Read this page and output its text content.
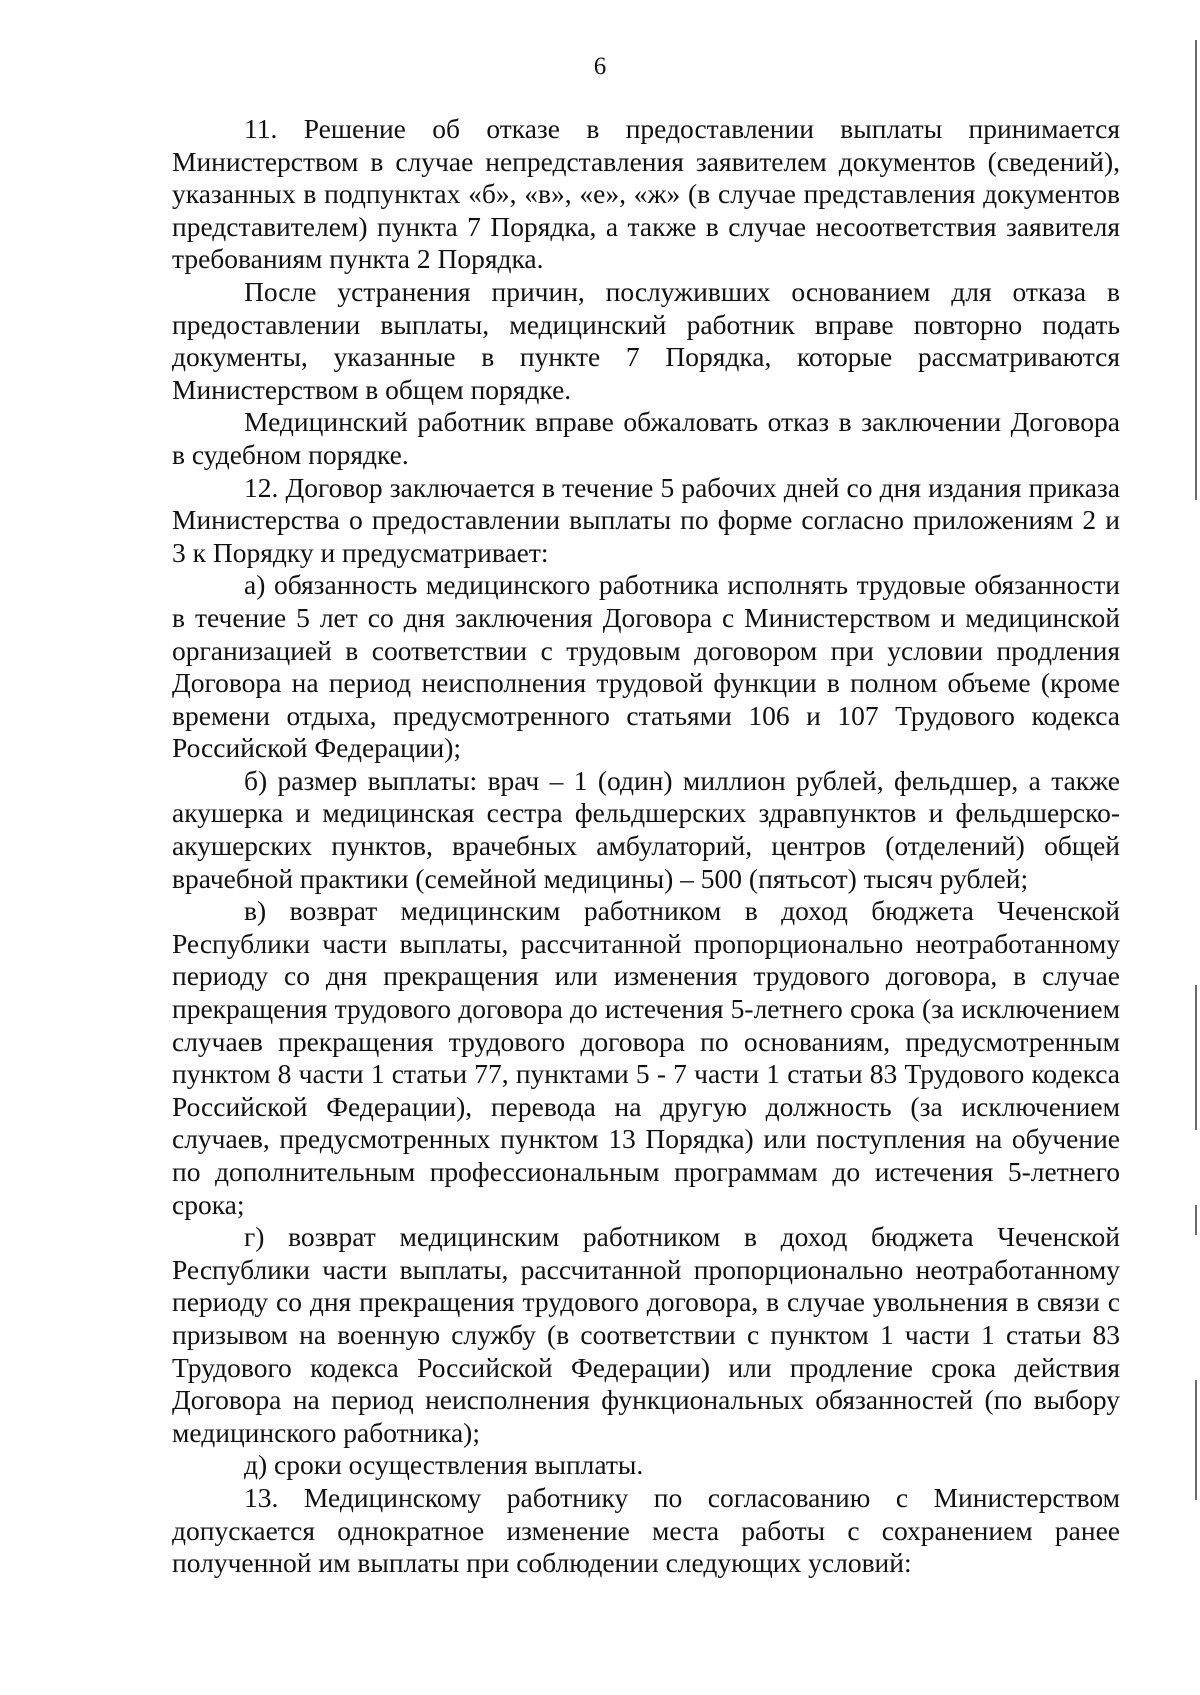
6

11. Решение об отказе в предоставлении выплаты принимается Министерством в случае непредставления заявителем документов (сведений), указанных в подпунктах «б», «в», «е», «ж» (в случае представления документов представителем) пункта 7 Порядка, а также в случае несоответствия заявителя требованиям пункта 2 Порядка.

После устранения причин, послуживших основанием для отказа в предоставлении выплаты, медицинский работник вправе повторно подать документы, указанные в пункте 7 Порядка, которые рассматриваются Министерством в общем порядке.

Медицинский работник вправе обжаловать отказ в заключении Договора в судебном порядке.

12. Договор заключается в течение 5 рабочих дней со дня издания приказа Министерства о предоставлении выплаты по форме согласно приложениям 2 и 3 к Порядку и предусматривает:

а) обязанность медицинского работника исполнять трудовые обязанности в течение 5 лет со дня заключения Договора с Министерством и медицинской организацией в соответствии с трудовым договором при условии продления Договора на период неисполнения трудовой функции в полном объеме (кроме времени отдыха, предусмотренного статьями 106 и 107 Трудового кодекса Российской Федерации);

б) размер выплаты: врач – 1 (один) миллион рублей, фельдшер, а также акушерка и медицинская сестра фельдшерских здравпунктов и фельдшерско-акушерских пунктов, врачебных амбулаторий, центров (отделений) общей врачебной практики (семейной медицины) – 500 (пятьсот) тысяч рублей;

в) возврат медицинским работником в доход бюджета Чеченской Республики части выплаты, рассчитанной пропорционально неотработанному периоду со дня прекращения или изменения трудового договора, в случае прекращения трудового договора до истечения 5-летнего срока (за исключением случаев прекращения трудового договора по основаниям, предусмотренным пунктом 8 части 1 статьи 77, пунктами 5 - 7 части 1 статьи 83 Трудового кодекса Российской Федерации), перевода на другую должность (за исключением случаев, предусмотренных пунктом 13 Порядка) или поступления на обучение по дополнительным профессиональным программам до истечения 5-летнего срока;

г) возврат медицинским работником в доход бюджета Чеченской Республики части выплаты, рассчитанной пропорционально неотработанному периоду со дня прекращения трудового договора, в случае увольнения в связи с призывом на военную службу (в соответствии с пунктом 1 части 1 статьи 83 Трудового кодекса Российской Федерации) или продление срока действия Договора на период неисполнения функциональных обязанностей (по выбору медицинского работника);

д) сроки осуществления выплаты.

13. Медицинскому работнику по согласованию с Министерством допускается однократное изменение места работы с сохранением ранее полученной им выплаты при соблюдении следующих условий:
